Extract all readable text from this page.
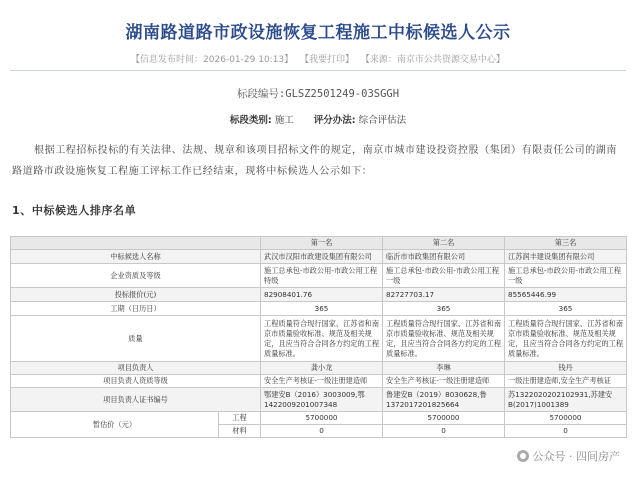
湖南路道路市政设施恢复工程施工中标候选人公示
【信息发布时间：2026-01-29 10:13】 【我要打印】 【来源：南京市公共资源交易中心】
标段编号:GLSZ2501249-03SGGH
标段类别: 施工 评分办法: 综合评估法
根据工程招标投标的有关法律、法规、规章和该项目招标文件的规定，南京市城市建设投资控股（集团）有限责任公司的湖南路道路市政设施恢复工程施工评标工作已经结束，现将中标候选人公示如下：
1、中标候选人排序名单
		第一名	第二名	第三名
中标候选人名称		武汉市汉阳市政建设集团有限公司	临沂市市政集团有限公司	江苏润丰建设集团有限公司
企业资质及等级		施工总承包-市政公用-市政公用工程特级	施工总承包-市政公用-市政公用工程一级	施工总承包-市政公用-市政公用工程一级
投标报价(元)		82908401.76	82727703.17	85565446.99
工期（日历日）		365	365	365
质量		工程质量符合现行国家、江苏省和南京市质量验收标准、规范及相关规定，且应当符合合同各方约定的工程质量标准。	工程质量符合现行国家、江苏省和南京市质量验收标准、规范及相关规定，且应当符合合同各方约定的工程质量标准。	工程质量符合现行国家、江苏省和南京市质量验收标准、规范及相关规定，且应当符合合同各方约定的工程质量标准。
项目负责人		龚小龙	李琳	钱丹
项目负责人资质等级		安全生产考核证-一级注册建造师	安全生产考核证-一级注册建造师	一级注册建造师,安全生产考核证
项目负责人证书编号		鄂建安B（2016）3003009,鄂1422009201007348	鲁建安B（2019）8030628,鲁1372017201825664	苏1322020202102931,苏建安B(2017)1001389
暂估价（元）	工程	5700000	5700000	5700000
	材料	0	0	0
公众号 · 四间房产
